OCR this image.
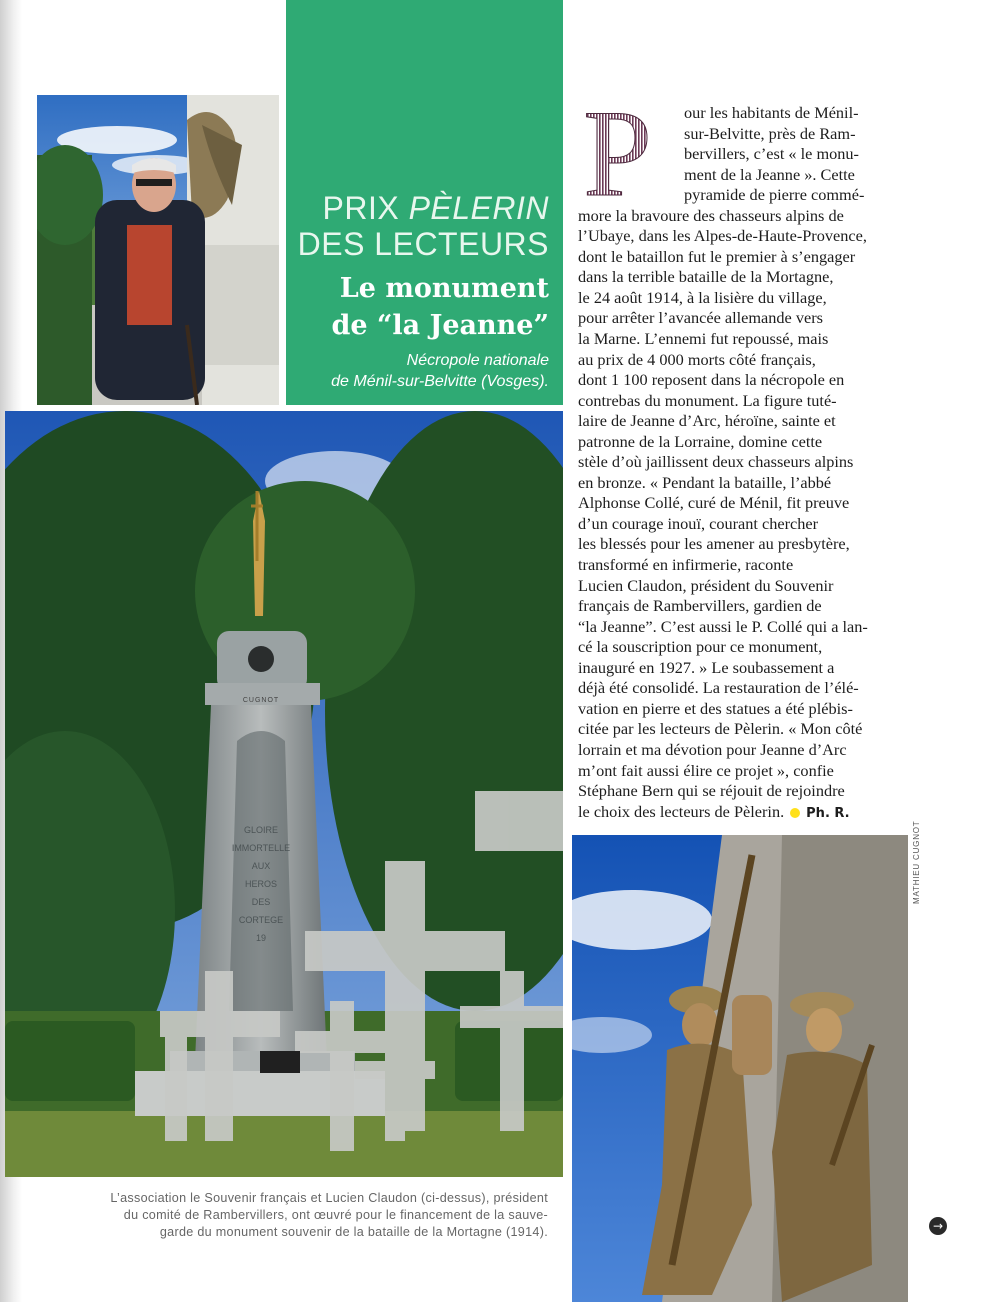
PRIX PÈLERIN
DES LECTEURS
Le monument
de “la Jeanne”
Nécropole nationale
de Ménil-sur-Belvitte (Vosges).
CUGNOT
GLOIRE
IMMORTELLE
AUX
HEROS
DES
CORTEGE
19
MATHIEU CUGNOT
P	our les habitants de Ménil-
sur-Belvitte, près de Ram-
bervillers, c’est « le monu-
ment de la Jeanne ». Cette
pyramide de pierre commé-
more la bravoure des chasseurs alpins de
l’Ubaye, dans les Alpes-de-Haute-Provence,
dont le bataillon fut le premier à s’engager
dans la terrible bataille de la Mortagne,
le 24 août 1914, à la lisière du village,
pour arrêter l’avancée allemande vers
la Marne. L’ennemi fut repoussé, mais
au prix de 4 000 morts côté français,
dont 1 100 reposent dans la nécropole en
contrebas du monument. La figure tuté-
laire de Jeanne d’Arc, héroïne, sainte et
patronne de la Lorraine, domine cette
stèle d’où jaillissent deux chasseurs alpins
en bronze. « Pendant la bataille, l’abbé
Alphonse Collé, curé de Ménil, fit preuve
d’un courage inouï, courant chercher
les blessés pour les amener au presbytère,
transformé en infirmerie, raconte
Lucien Claudon, président du Souvenir
français de Rambervillers, gardien de
“la Jeanne”. C’est aussi le P. Collé qui a lan-
cé la souscription pour ce monument,
inauguré en 1927. » Le soubassement a
déjà été consolidé. La restauration de l’élé-
vation en pierre et des statues a été plébis-
citée par les lecteurs de Pèlerin. « Mon côté
lorrain et ma dévotion pour Jeanne d’Arc
m’ont fait aussi élire ce projet », confie
Stéphane Bern qui se réjouit de rejoindre
le choix des lecteurs de Pèlerin. Ph. R.
L’association le Souvenir français et Lucien Claudon (ci-dessus), président
du comité de Rambervillers, ont œuvré pour le financement de la sauve-
garde du monument souvenir de la bataille de la Mortagne (1914).	→
